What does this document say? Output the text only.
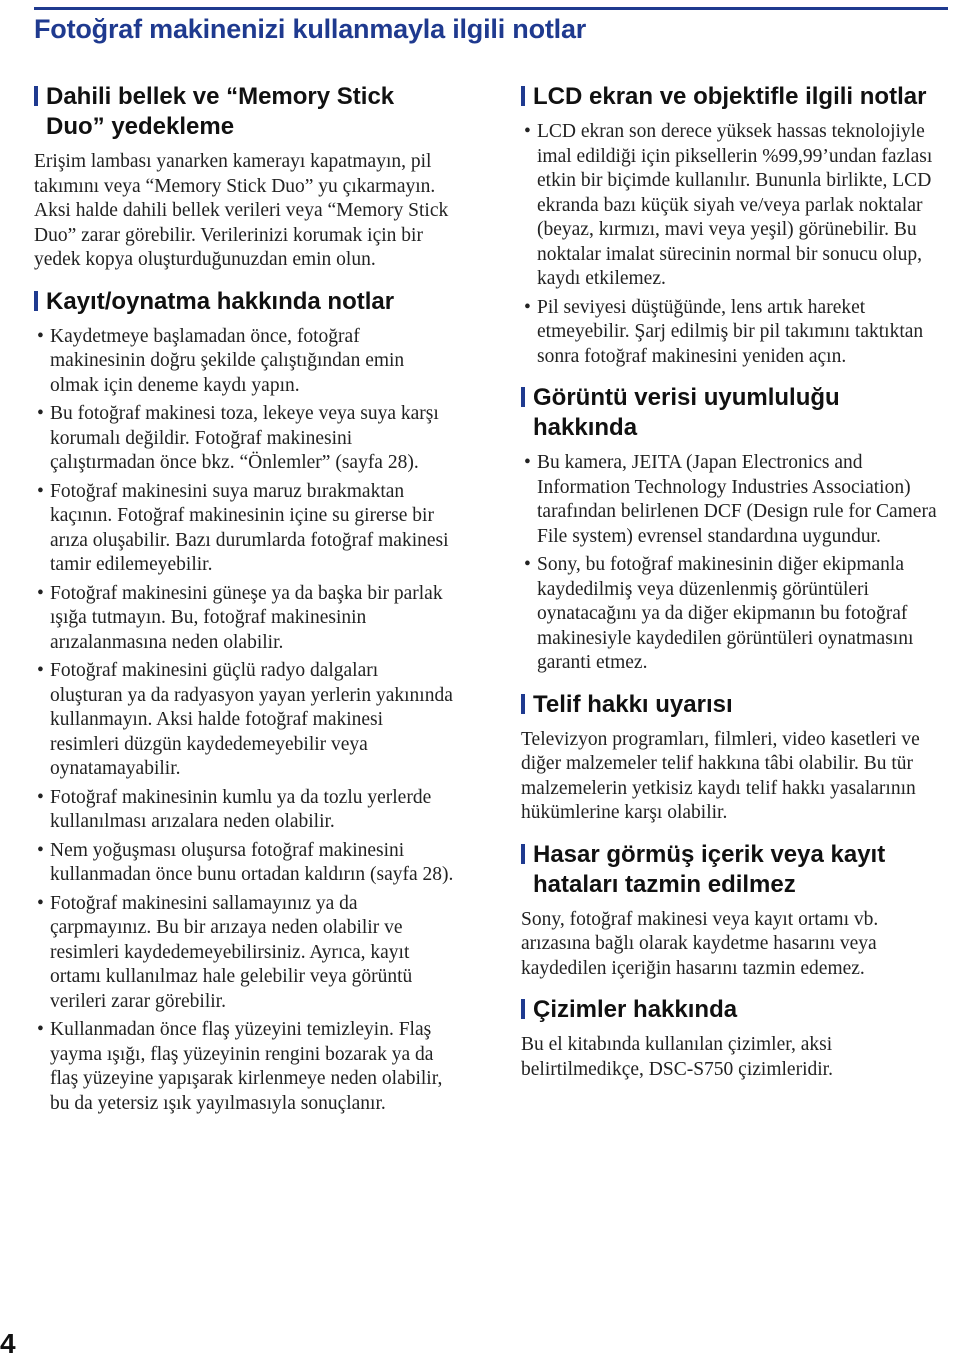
Fotoğraf makinenizi kullanmayla ilgili notlar
Dahili bellek ve “Memory Stick Duo” yedekleme

Erişim lambası yanarken kamerayı kapatmayın, pil takımını veya “Memory Stick Duo” yu çıkarmayın. Aksi halde dahili bellek verileri veya “Memory Stick Duo” zarar görebilir. Verilerinizi korumak için bir yedek kopya oluşturduğunuzdan emin olun.

Kayıt/oynatma hakkında notlar
• Kaydetmeye başlamadan önce, fotoğraf makinesinin doğru şekilde çalıştığından emin olmak için deneme kaydı yapın.
• Bu fotoğraf makinesi toza, lekeye veya suya karşı korumalı değildir. Fotoğraf makinesini çalıştırmadan önce bkz. “Önlemler” (sayfa 28).
• Fotoğraf makinesini suya maruz bırakmaktan kaçının. Fotoğraf makinesinin içine su girerse bir arıza oluşabilir. Bazı durumlarda fotoğraf makinesi tamir edilemeyebilir.
• Fotoğraf makinesini güneşe ya da başka bir parlak ışığa tutmayın. Bu, fotoğraf makinesinin arızalanmasına neden olabilir.
• Fotoğraf makinesini güçlü radyo dalgaları oluşturan ya da radyasyon yayan yerlerin yakınında kullanmayın. Aksi halde fotoğraf makinesi resimleri düzgün kaydedemeyebilir veya oynatamayabilir.
• Fotoğraf makinesinin kumlu ya da tozlu yerlerde kullanılması arızalara neden olabilir.
• Nem yoğuşması oluşursa fotoğraf makinesini kullanmadan önce bunu ortadan kaldırın (sayfa 28).
• Fotoğraf makinesini sallamayınız ya da çarpmayınız. Bu bir arızaya neden olabilir ve resimleri kaydedemeyebilirsiniz. Ayrıca, kayıt ortamı kullanılmaz hale gelebilir veya görüntü verileri zarar görebilir.
• Kullanmadan önce flaş yüzeyini temizleyin. Flaş yayma ışığı, flaş yüzeyinin rengini bozarak ya da flaş yüzeyine yapışarak kirlenmeye neden olabilir, bu da yetersiz ışık yayılmasıyla sonuçlanır.
LCD ekran ve objektifle ilgili notlar
• LCD ekran son derece yüksek hassas teknolojiyle imal edildiği için piksellerin %99,99’undan fazlası etkin bir biçimde kullanılır. Bununla birlikte, LCD ekranda bazı küçük siyah ve/veya parlak noktalar (beyaz, kırmızı, mavi veya yeşil) görünebilir. Bu noktalar imalat sürecinin normal bir sonucu olup, kaydı etkilemez.
• Pil seviyesi düştüğünde, lens artık hareket etmeyebilir. Şarj edilmiş bir pil takımını taktıktan sonra fotoğraf makinesini yeniden açın.
Görüntü verisi uyumluluğu hakkında
• Bu kamera, JEITA (Japan Electronics and Information Technology Industries Association) tarafından belirlenen DCF (Design rule for Camera File system) evrensel standardına uygundur.
• Sony, bu fotoğraf makinesinin diğer ekipmanla kaydedilmiş veya düzenlenmiş görüntüleri oynatacağını ya da diğer ekipmanın bu fotoğraf makinesiyle kaydedilen görüntüleri oynatmasını garanti etmez.
Telif hakkı uyarısı

Televizyon programları, filmleri, video kasetleri ve diğer malzemeler telif hakkına tâbi olabilir. Bu tür malzemelerin yetkisiz kaydı telif hakkı yasalarının hükümlerine karşı olabilir.

Hasar görmüş içerik veya kayıt hataları tazmin edilmez

Sony, fotoğraf makinesi veya kayıt ortamı vb. arızasına bağlı olarak kaydetme hasarını veya kaydedilen içeriğin hasarını tazmin edemez.

Çizimler hakkında

Bu el kitabında kullanılan çizimler, aksi belirtilmedikçe, DSC-S750 çizimleridir.

4
